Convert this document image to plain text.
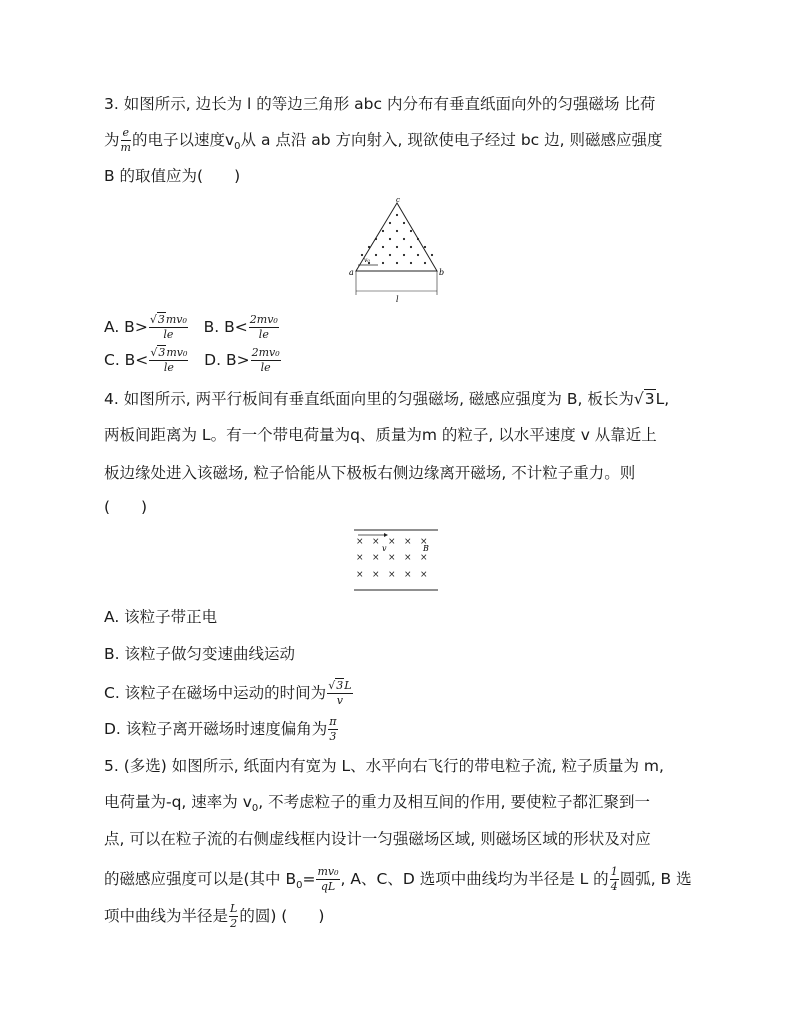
3. 如图所示, 边长为 l 的等边三角形 abc 内分布有垂直纸面向外的匀强磁场 比荷
为 $\frac{e}{m}$ 的电子以速度$v_0$从 a 点沿 ab 方向射入, 现欲使电子经过 bc 边, 则磁感应强度
B 的取值应为(　　)
c
a	b
v₀
l
A. $B> \frac{\text{√3mv₀}}{le} B$. $B< \frac{\text{2mv₀}}{le}$
C. $B< \frac{\text{√3mv₀}}{le} D$. $B> \frac{\text{2mv₀}}{le}$
4. 如图所示, 两平行板间有垂直纸面向里的匀强磁场, 磁感应强度为 B, 板长为√3L,
两板间距离为 L。有一个带电荷量为q、质量为m 的粒子, 以水平速度 v 从靠近上
板边缘处进入该磁场, 粒子恰能从下极板右侧边缘离开磁场, 不计粒子重力。则
(　　)
× × × × ×
× × × × ×
× × × × ×
v	B
A. 该粒子带正电
B. 该粒子做匀变速曲线运动
C. 该粒子在磁场中运动的时间为 $\frac{√3L}{v}$
D. 该粒子离开磁场时速度偏角为 $\frac{\pi}{3}$
5. (多选) 如图所示, 纸面内有宽为 L、水平向右飞行的带电粒子流, 粒子质量为 m,
电荷量为-q, 速率为 $v_0$, 不考虑粒子的重力及相互间的作用, 要使粒子都汇聚到一
点, 可以在粒子流的右侧虚线框内设计一匀强磁场区域, 则磁场区域的形状及对应
的磁感应强度可以是(其中 $B_0= \frac{\text{mv₀}}{qL}$ , A、C、D 选项中曲线均为半径是 L 的 $\frac{1}{4}$ 圆弧, B 选
项中曲线为半径是 $\frac{L}{2}$ 的圆) (　　)
